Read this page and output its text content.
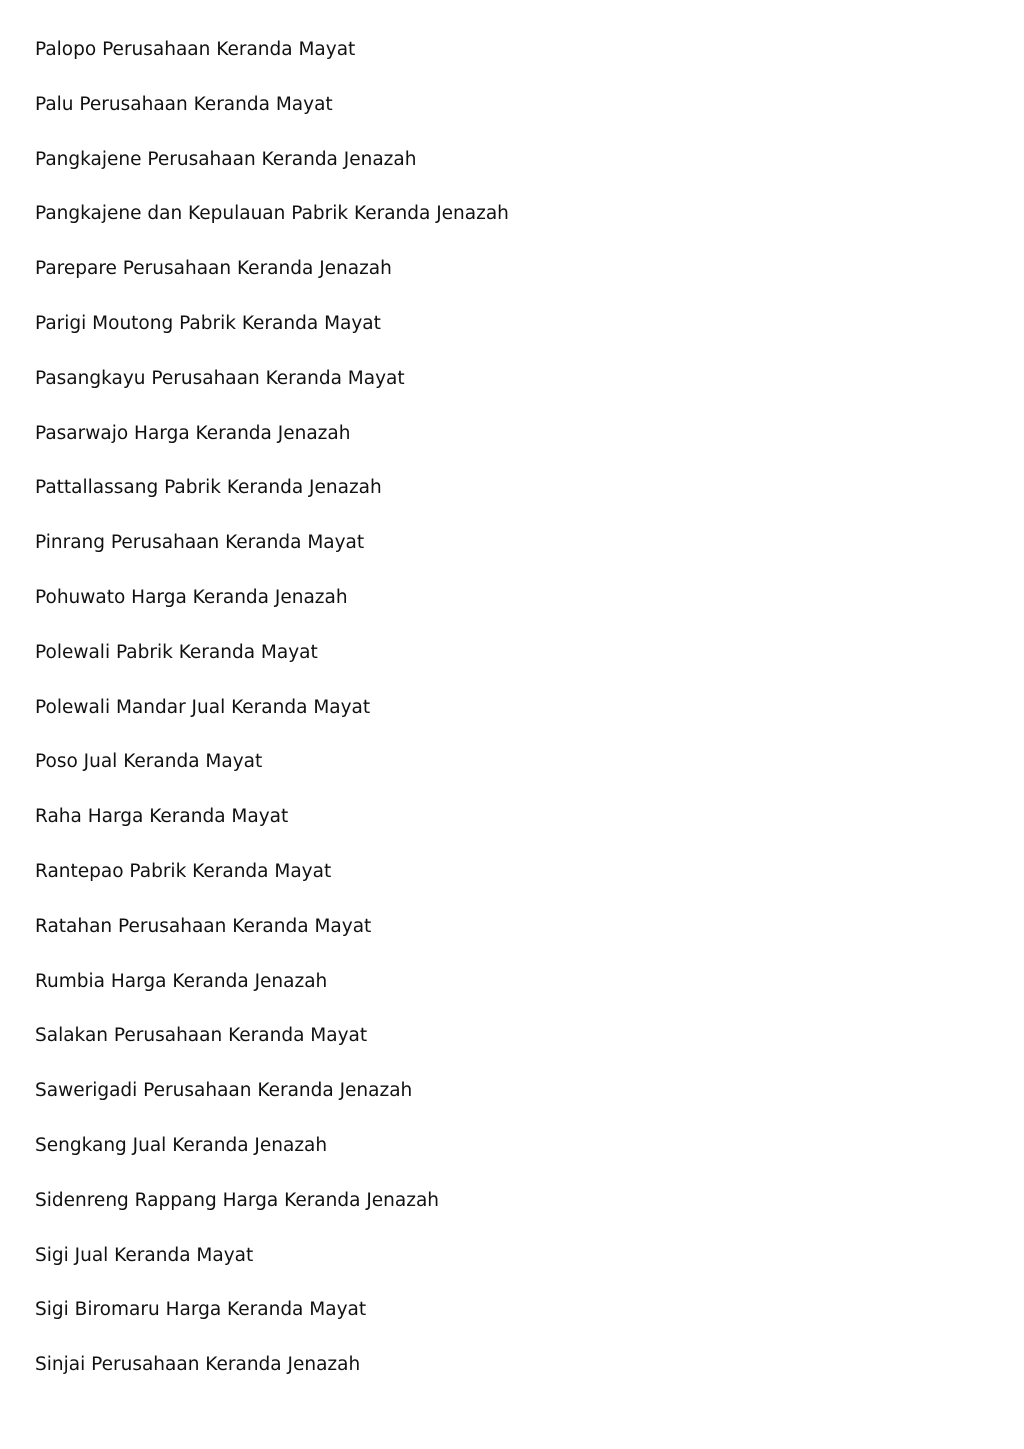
Palopo Perusahaan Keranda Mayat
Palu Perusahaan Keranda Mayat
Pangkajene Perusahaan Keranda Jenazah
Pangkajene dan Kepulauan Pabrik Keranda Jenazah
Parepare Perusahaan Keranda Jenazah
Parigi Moutong Pabrik Keranda Mayat
Pasangkayu Perusahaan Keranda Mayat
Pasarwajo Harga Keranda Jenazah
Pattallassang Pabrik Keranda Jenazah
Pinrang Perusahaan Keranda Mayat
Pohuwato Harga Keranda Jenazah
Polewali Pabrik Keranda Mayat
Polewali Mandar Jual Keranda Mayat
Poso Jual Keranda Mayat
Raha Harga Keranda Mayat
Rantepao Pabrik Keranda Mayat
Ratahan Perusahaan Keranda Mayat
Rumbia Harga Keranda Jenazah
Salakan Perusahaan Keranda Mayat
Sawerigadi Perusahaan Keranda Jenazah
Sengkang Jual Keranda Jenazah
Sidenreng Rappang Harga Keranda Jenazah
Sigi Jual Keranda Mayat
Sigi Biromaru Harga Keranda Mayat
Sinjai Perusahaan Keranda Jenazah
